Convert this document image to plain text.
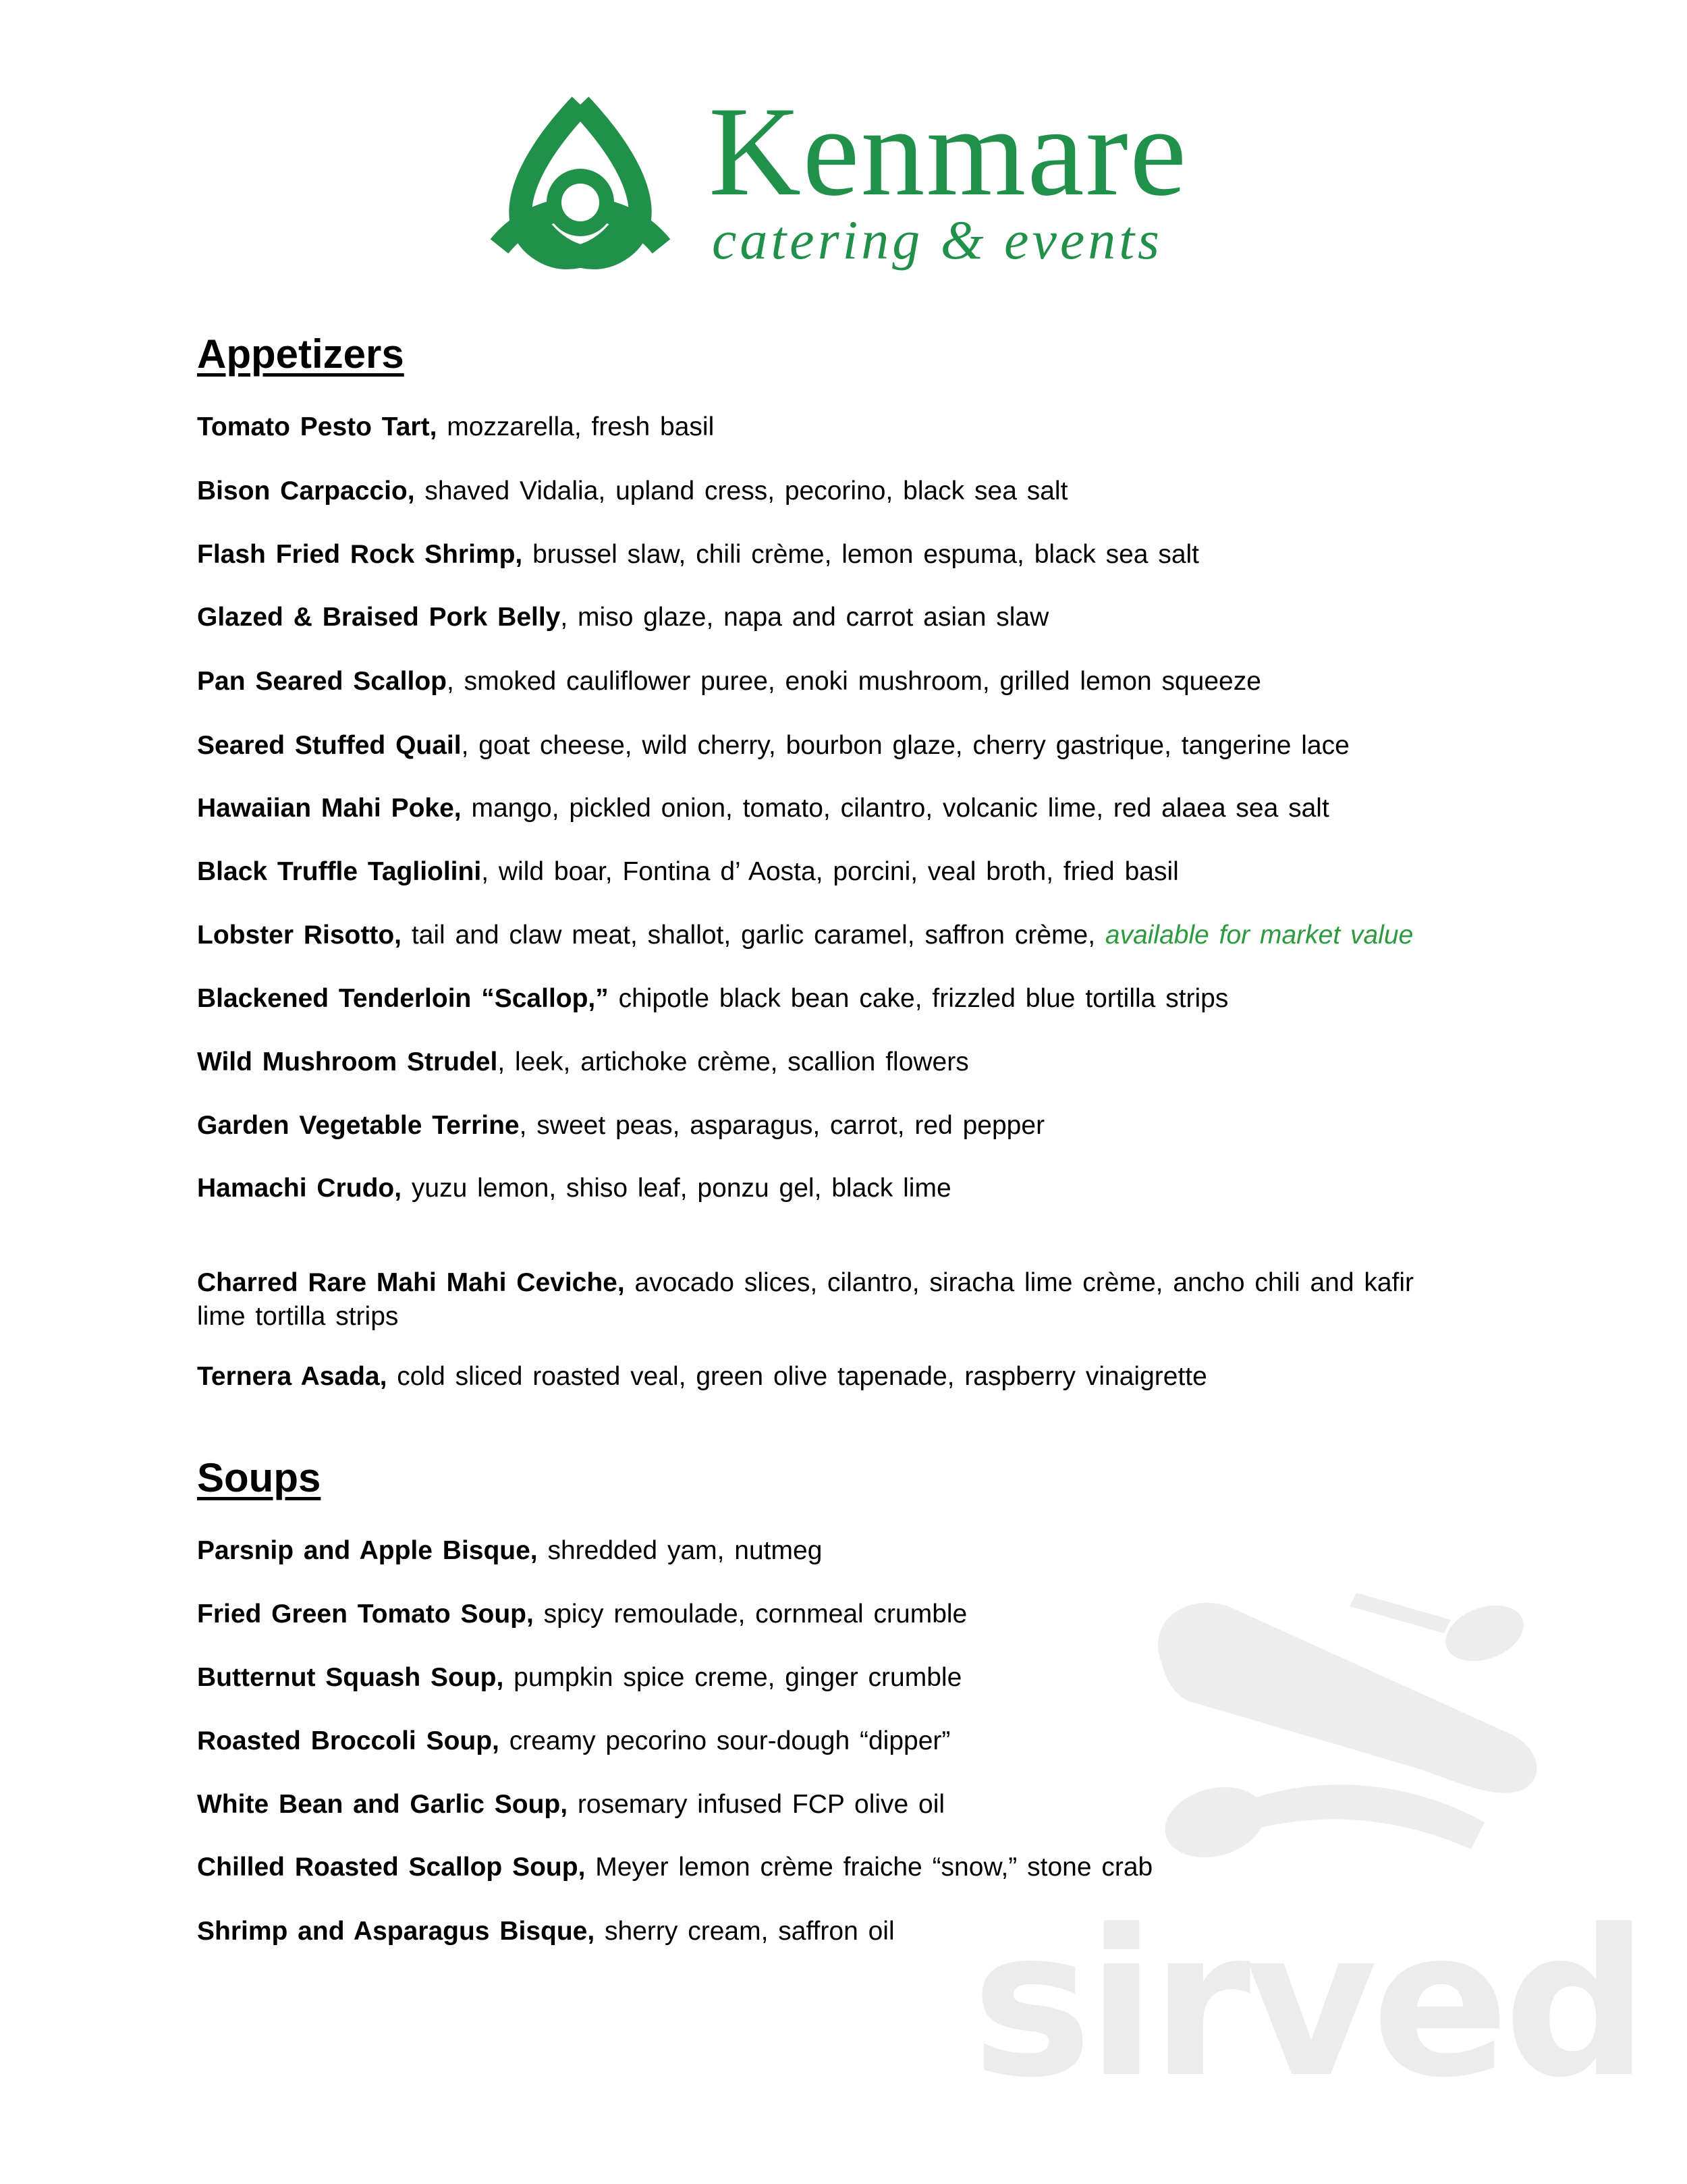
Kenmare
catering & events
Appetizers
Tomato Pesto Tart, mozzarella, fresh basil
Bison Carpaccio, shaved Vidalia, upland cress, pecorino, black sea salt
Flash Fried Rock Shrimp, brussel slaw, chili crème, lemon espuma, black sea salt
Glazed & Braised Pork Belly, miso glaze, napa and carrot asian slaw
Pan Seared Scallop, smoked cauliflower puree, enoki mushroom, grilled lemon squeeze
Seared Stuffed Quail, goat cheese, wild cherry, bourbon glaze, cherry gastrique, tangerine lace
Hawaiian Mahi Poke, mango, pickled onion, tomato, cilantro, volcanic lime, red alaea sea salt
Black Truffle Tagliolini, wild boar, Fontina d’ Aosta, porcini, veal broth, fried basil
Lobster Risotto, tail and claw meat, shallot, garlic caramel, saffron crème, available for market value
Blackened Tenderloin “Scallop,” chipotle black bean cake, frizzled blue tortilla strips
Wild Mushroom Strudel, leek, artichoke crème, scallion flowers
Garden Vegetable Terrine, sweet peas, asparagus, carrot, red pepper
Hamachi Crudo, yuzu lemon, shiso leaf, ponzu gel, black lime
Charred Rare Mahi Mahi Ceviche, avocado slices, cilantro, siracha lime crème, ancho chili and kafir lime tortilla strips
Ternera Asada, cold sliced roasted veal, green olive tapenade, raspberry vinaigrette
Soups
Parsnip and Apple Bisque, shredded yam, nutmeg
Fried Green Tomato Soup, spicy remoulade, cornmeal crumble
Butternut Squash Soup, pumpkin spice creme, ginger crumble
Roasted Broccoli Soup, creamy pecorino sour-dough “dipper”
White Bean and Garlic Soup, rosemary infused FCP olive oil
Chilled Roasted Scallop Soup, Meyer lemon crème fraiche “snow,” stone crab
Shrimp and Asparagus Bisque, sherry cream, saffron oil sirved
